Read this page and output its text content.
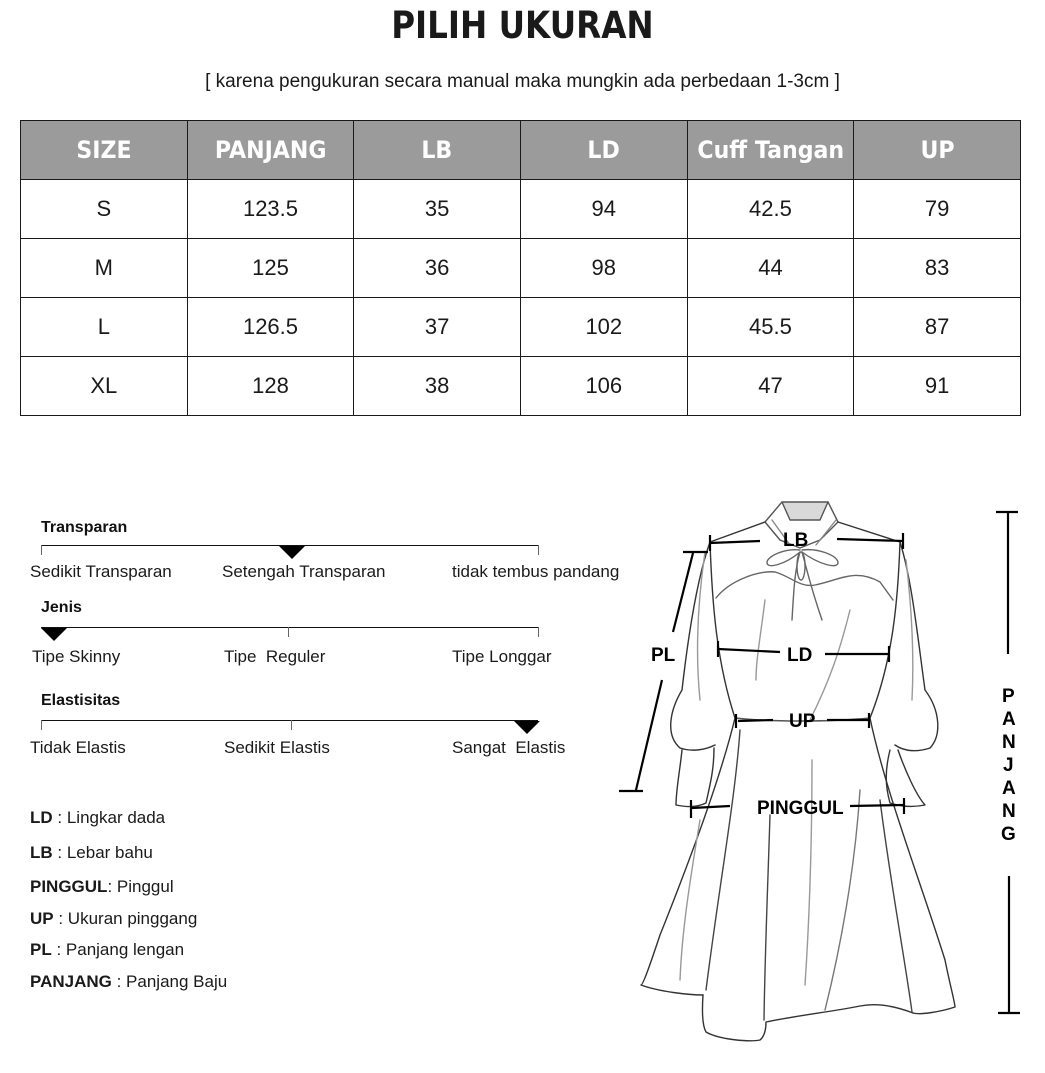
PILIH UKURAN
[ karena pengukuran secara manual maka mungkin ada perbedaan 1-3cm ]
SIZE	PANJANG	LB	LD	Cuff Tangan	UP
S	123.5	35	94	42.5	79
M	125	36	98	44	83
L	126.5	37	102	45.5	87
XL	128	38	106	47	91
Transparan
Sedikit Transparan	Setengah Transparan	tidak tembus pandang
Jenis
Tipe Skinny	Tipe  Reguler	Tipe Longgar
Elastisitas
Tidak Elastis	Sedikit Elastis	Sangat  Elastis
LD : Lingkar dada
LB : Lebar bahu
PINGGUL: Pinggul
UP : Ukuran pinggang
PL : Panjang lengan
PANJANG : Panjang Baju
LB
LD
UP
PINGGUL
PL
P
A
N
J
A
N
G
